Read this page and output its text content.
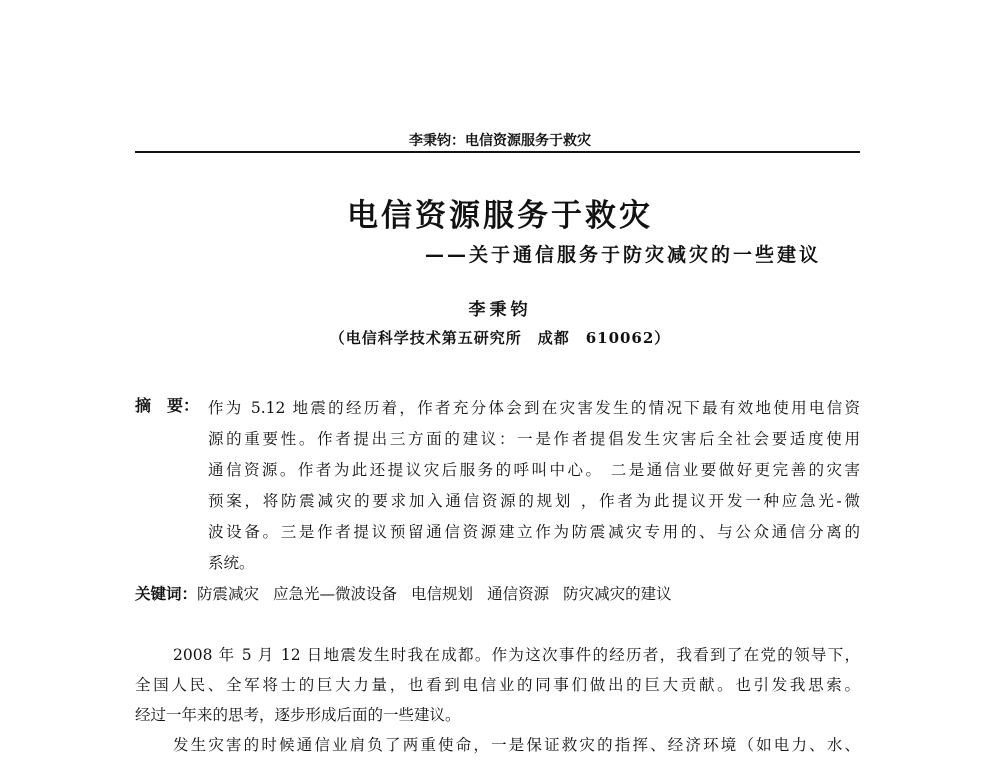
李秉钧：电信资源服务于救灾
电信资源服务于救灾
——关于通信服务于防灾减灾的一些建议
李秉钧
（电信科学技术第五研究所　成都　610062）
摘　要： 作为 5.12 地震的经历着，作者充分体会到在灾害发生的情况下最有效地使用电信资
源的重要性。作者提出三方面的建议：一是作者提倡发生灾害后全社会要适度使用
通信资源。作者为此还提议灾后服务的呼叫中心。 二是通信业要做好更完善的灾害
预案，将防震减灾的要求加入通信资源的规划 ，作者为此提议开发一种应急光-微
波设备。三是作者提议预留通信资源建立作为防震减灾专用的、与公众通信分离的
系统。
关键词：防震减灾 应急光—微波设备 电信规划 通信资源 防灾减灾的建议
2008 年 5 月 12 日地震发生时我在成都。作为这次事件的经历者，我看到了在党的领导下，
全国人民、全军将士的巨大力量，也看到电信业的同事们做出的巨大贡献。也引发我思索。
经过一年来的思考，逐步形成后面的一些建议。
发生灾害的时候通信业肩负了两重使命，一是保证救灾的指挥、经济环境（如电力、水、
